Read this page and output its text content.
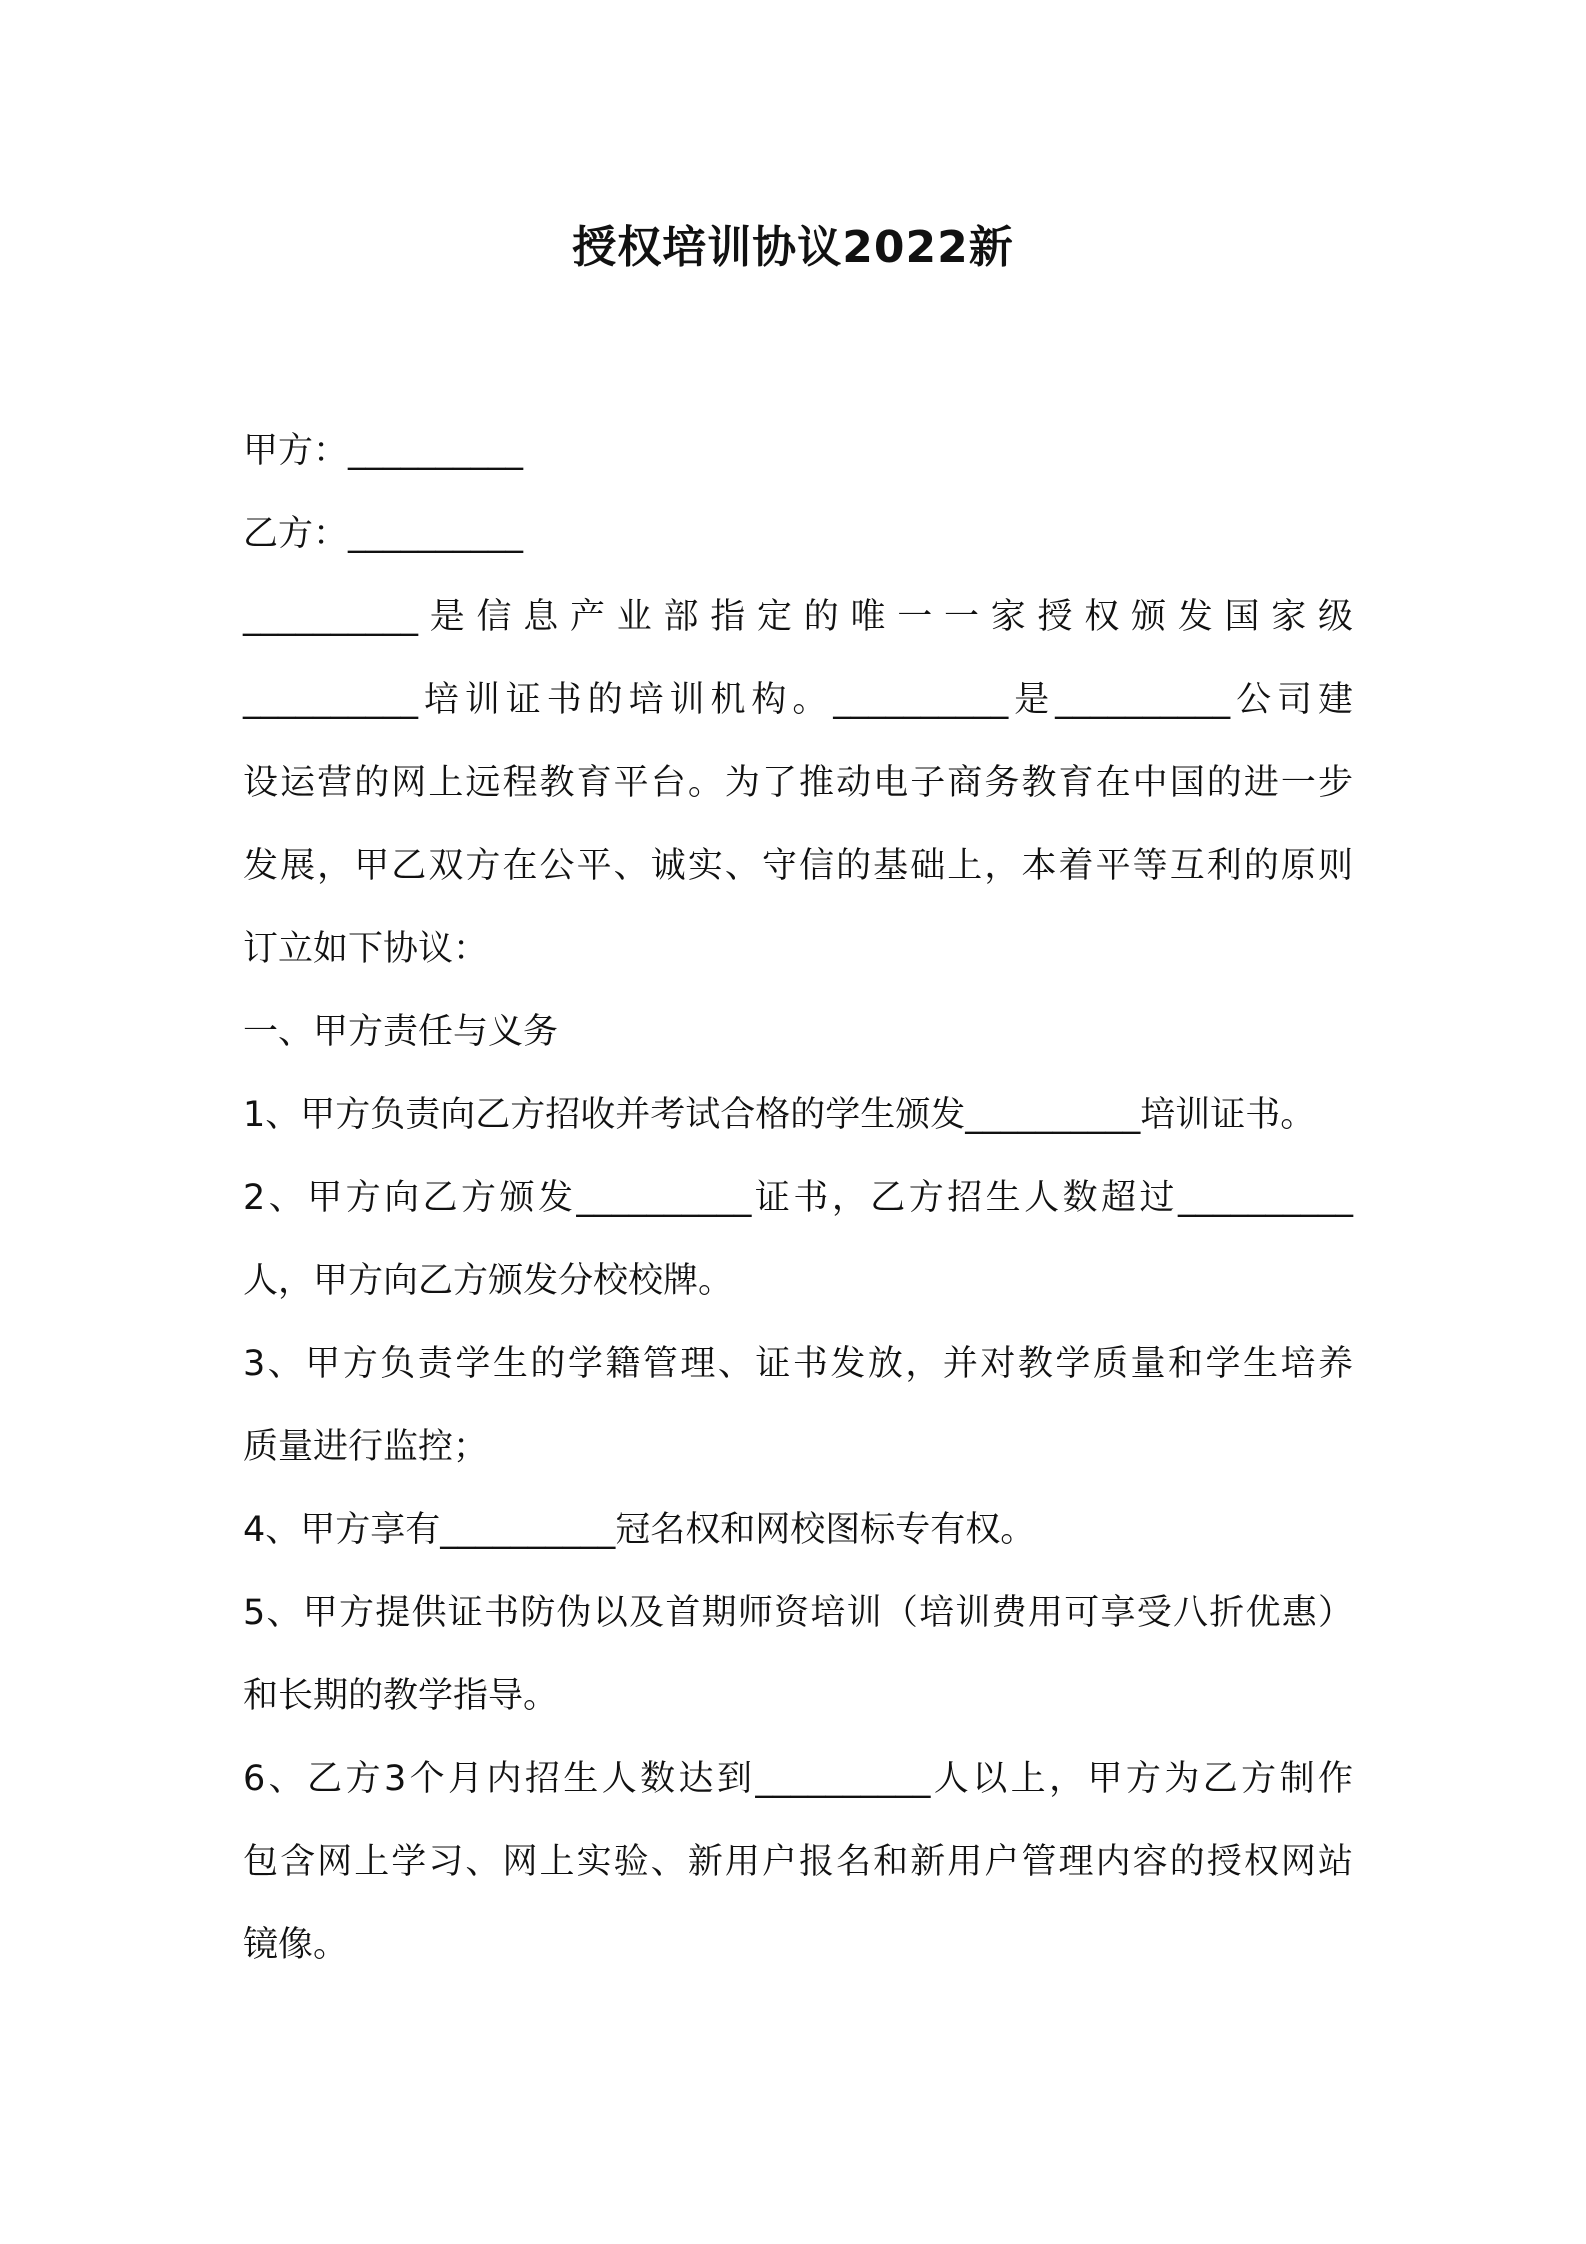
授权培训协议2022新
甲方：__________
乙方：__________
__________是信息产业部指定的唯一一家授权颁发国家级
__________培训证书的培训机构。__________是__________公司建
设运营的网上远程教育平台。为了推动电子商务教育在中国的进一步
发展，甲乙双方在公平、诚实、守信的基础上，本着平等互利的原则
订立如下协议：
一、甲方责任与义务
1、甲方负责向乙方招收并考试合格的学生颁发__________培训证书。
2、甲方向乙方颁发__________证书，乙方招生人数超过__________
人，甲方向乙方颁发分校校牌。
3、甲方负责学生的学籍管理、证书发放，并对教学质量和学生培养
质量进行监控；
4、甲方享有__________冠名权和网校图标专有权。
5、甲方提供证书防伪以及首期师资培训（培训费用可享受八折优惠）
和长期的教学指导。
6、乙方3个月内招生人数达到__________人以上，甲方为乙方制作
包含网上学习、网上实验、新用户报名和新用户管理内容的授权网站
镜像。
